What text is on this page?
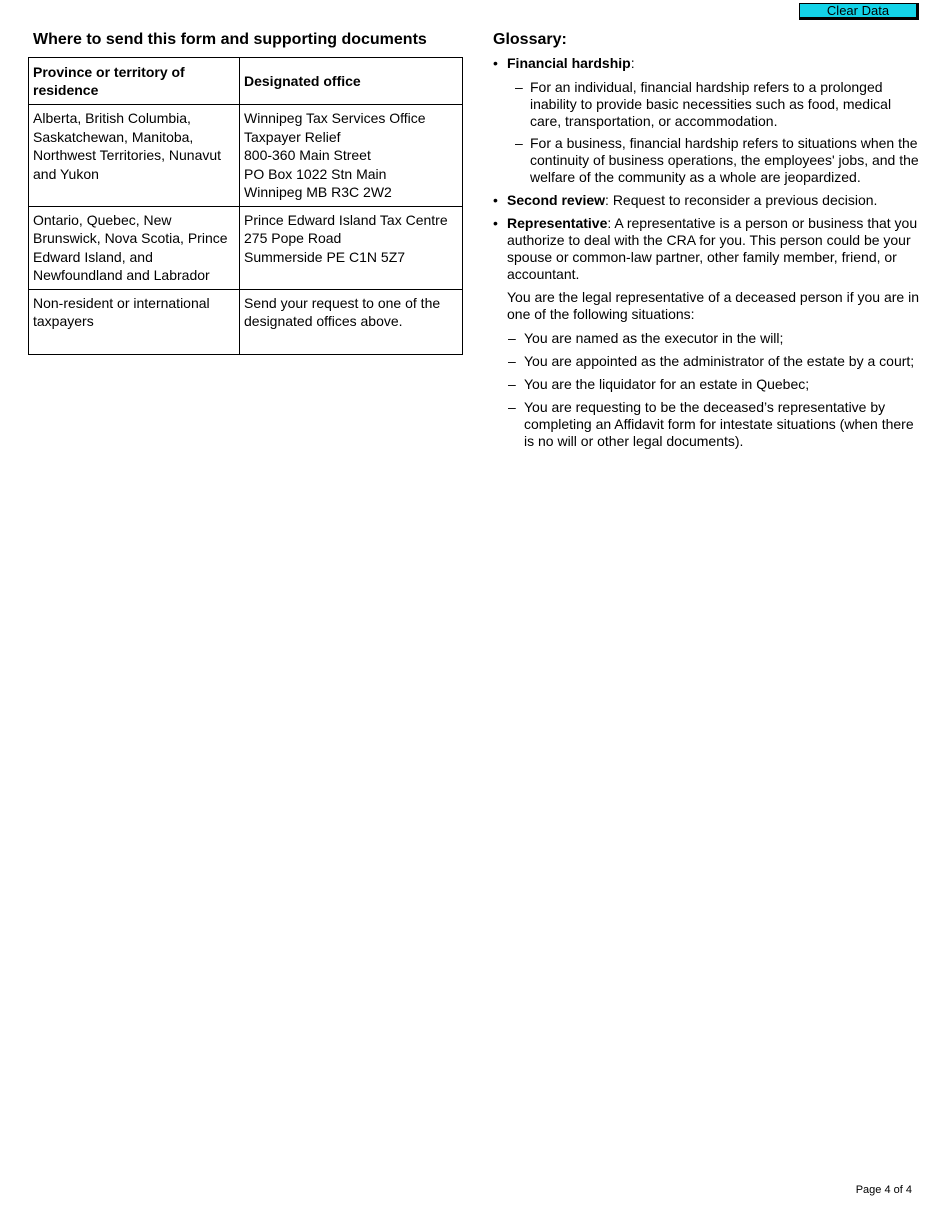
Clear Data
Where to send this form and supporting documents
Province or territory of residence	Designated office
Alberta, British Columbia, Saskatchewan, Manitoba, Northwest Territories, Nunavut and Yukon	Winnipeg Tax Services Office
Taxpayer Relief
800-360 Main Street
PO Box 1022 Stn Main
Winnipeg MB R3C 2W2

Ontario, Quebec, New Brunswick, Nova Scotia, Prince Edward Island, and Newfoundland and Labrador	Prince Edward Island Tax Centre
275 Pope Road
Summerside PE C1N 5Z7

Non-resident or international taxpayers	Send your request to one of the designated offices above.
Glossary:
• Financial hardship:
– For an individual, financial hardship refers to a prolonged inability to provide basic necessities such as food, medical care, transportation, or accommodation.
– For a business, financial hardship refers to situations when the continuity of business operations, the employees' jobs, and the welfare of the community as a whole are jeopardized.
• Second review: Request to reconsider a previous decision.
• Representative: A representative is a person or business that you authorize to deal with the CRA for you. This person could be your spouse or common-law partner, other family member, friend, or accountant.
You are the legal representative of a deceased person if you are in one of the following situations:
– You are named as the executor in the will;
– You are appointed as the administrator of the estate by a court;
– You are the liquidator for an estate in Quebec;
– You are requesting to be the deceased’s representative by completing an Affidavit form for intestate situations (when there is no will or other legal documents).
Page 4 of 4
